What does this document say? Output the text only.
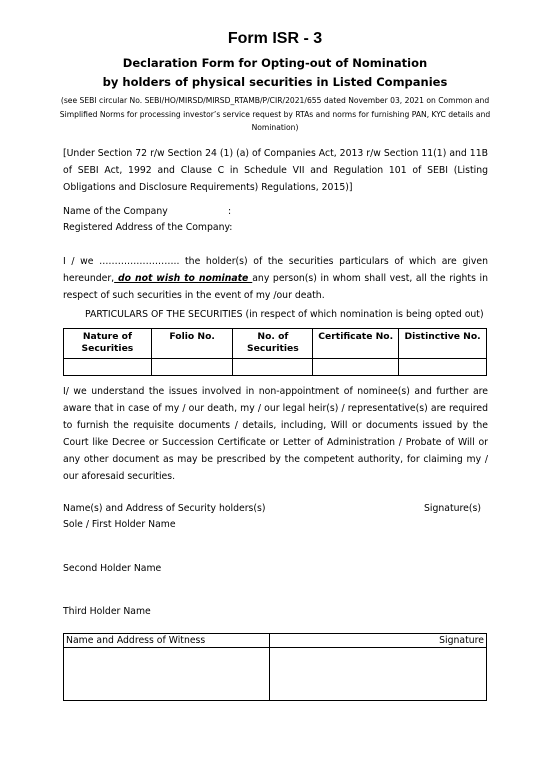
Form ISR - 3
Declaration Form for Opting-out of Nomination
by holders of physical securities in Listed Companies
(see SEBI circular No. SEBI/HO/MIRSD/MIRSD_RTAMB/P/CIR/2021/655 dated November 03, 2021 on Common and Simplified Norms for processing investor’s service request by RTAs and norms for furnishing PAN, KYC details and Nomination)
[Under Section 72 r/w Section 24 (1) (a) of Companies Act, 2013 r/w Section 11(1) and 11B of SEBI Act, 1992 and Clause C in Schedule VII and Regulation 101 of SEBI (Listing Obligations and Disclosure Requirements) Regulations, 2015)]
Name of the Company	:
Registered Address of the Company:
I / we …………………….. the holder(s) of the securities particulars of which are given hereunder, do not wish to nominate any person(s) in whom shall vest, all the rights in respect of such securities in the event of my /our death.
PARTICULARS OF THE SECURITIES (in respect of which nomination is being opted out)
Nature of Securities	Folio No.	No. of Securities	Certificate No.	Distinctive No.

I/ we understand the issues involved in non-appointment of nominee(s) and further are aware that in case of my / our death, my / our legal heir(s) / representative(s) are required to furnish the requisite documents / details, including, Will or documents issued by the Court like Decree or Succession Certificate or Letter of Administration / Probate of Will or any other document as may be prescribed by the competent authority, for claiming my / our aforesaid securities.
Name(s) and Address of Security holders(s)	Signature(s)
Sole / First Holder Name
Second Holder Name
Third Holder Name
Name and Address of Witness	Signature
